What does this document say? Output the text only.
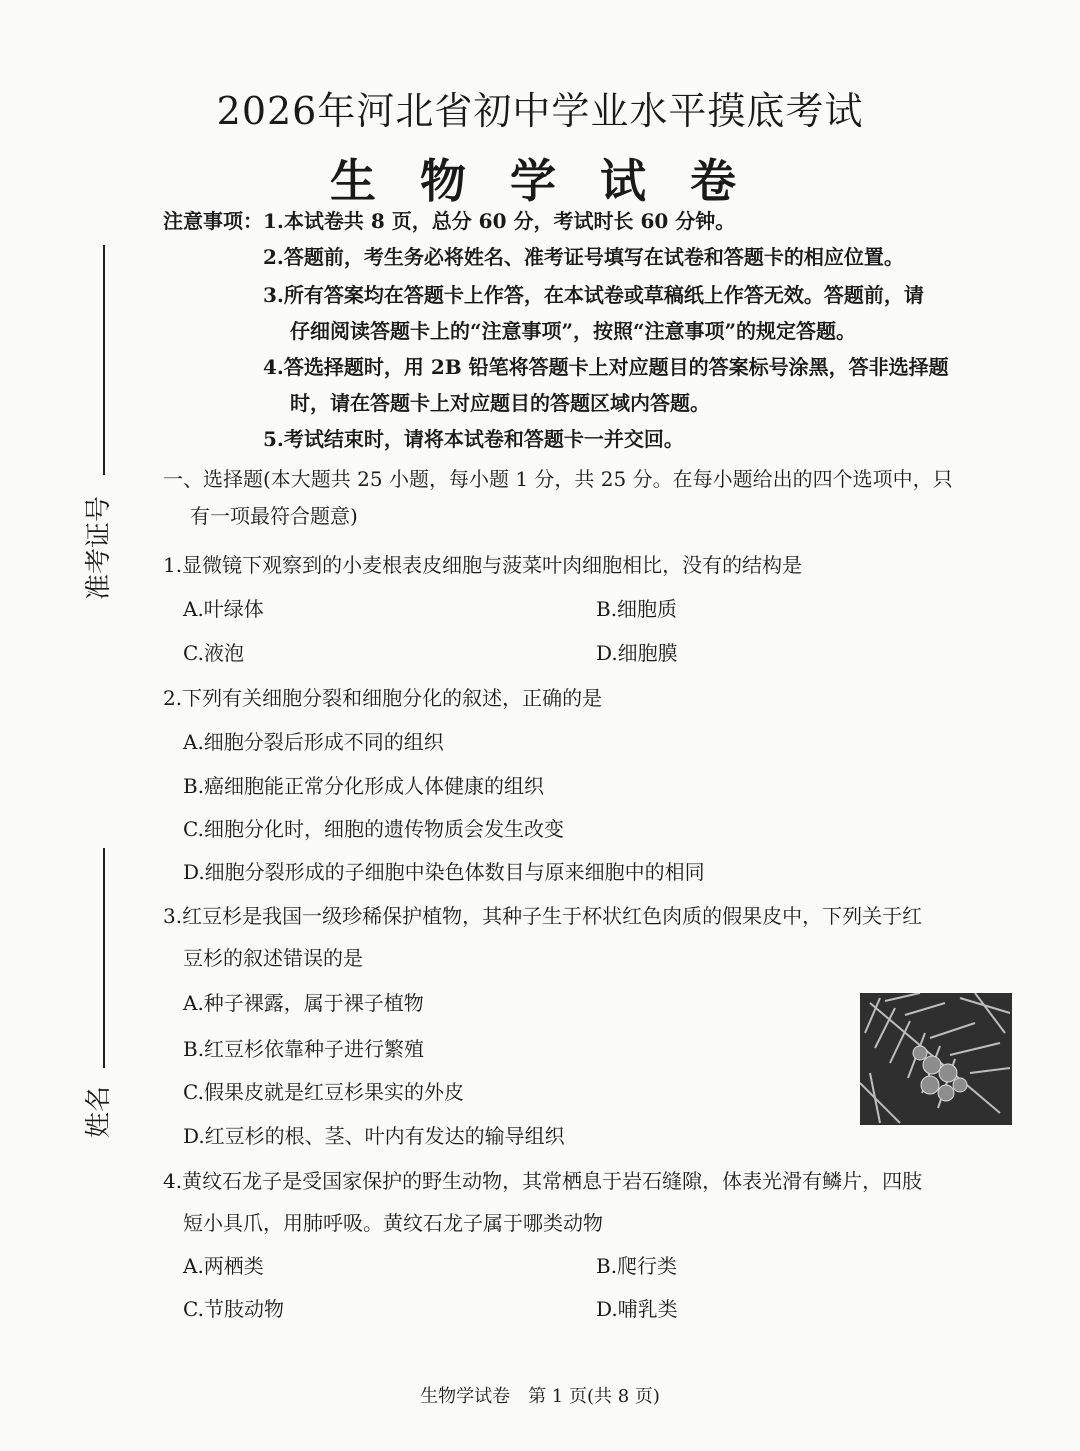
2026年河北省初中学业水平摸底考试
生 物 学 试 卷
注意事项：1.本试卷共 8 页，总分 60 分，考试时长 60 分钟。
2.答题前，考生务必将姓名、准考证号填写在试卷和答题卡的相应位置。
3.所有答案均在答题卡上作答，在本试卷或草稿纸上作答无效。答题前，请
仔细阅读答题卡上的“注意事项”，按照“注意事项”的规定答题。
4.答选择题时，用 2B 铅笔将答题卡上对应题目的答案标号涂黑，答非选择题
时，请在答题卡上对应题目的答题区域内答题。
5.考试结束时，请将本试卷和答题卡一并交回。
一、选择题(本大题共 25 小题，每小题 1 分，共 25 分。在每小题给出的四个选项中，只
有一项最符合题意)
1.显微镜下观察到的小麦根表皮细胞与菠菜叶肉细胞相比，没有的结构是
A.叶绿体	B.细胞质
C.液泡	D.细胞膜
2.下列有关细胞分裂和细胞分化的叙述，正确的是
A.细胞分裂后形成不同的组织
B.癌细胞能正常分化形成人体健康的组织
C.细胞分化时，细胞的遗传物质会发生改变
D.细胞分裂形成的子细胞中染色体数目与原来细胞中的相同
3.红豆杉是我国一级珍稀保护植物，其种子生于杯状红色肉质的假果皮中，下列关于红
豆杉的叙述错误的是
A.种子裸露，属于裸子植物
B.红豆杉依靠种子进行繁殖
C.假果皮就是红豆杉果实的外皮
D.红豆杉的根、茎、叶内有发达的输导组织
4.黄纹石龙子是受国家保护的野生动物，其常栖息于岩石缝隙，体表光滑有鳞片，四肢
短小具爪，用肺呼吸。黄纹石龙子属于哪类动物
A.两栖类	B.爬行类
C.节肢动物	D.哺乳类
准考证号
姓名
生物学试卷　第 1 页(共 8 页)
